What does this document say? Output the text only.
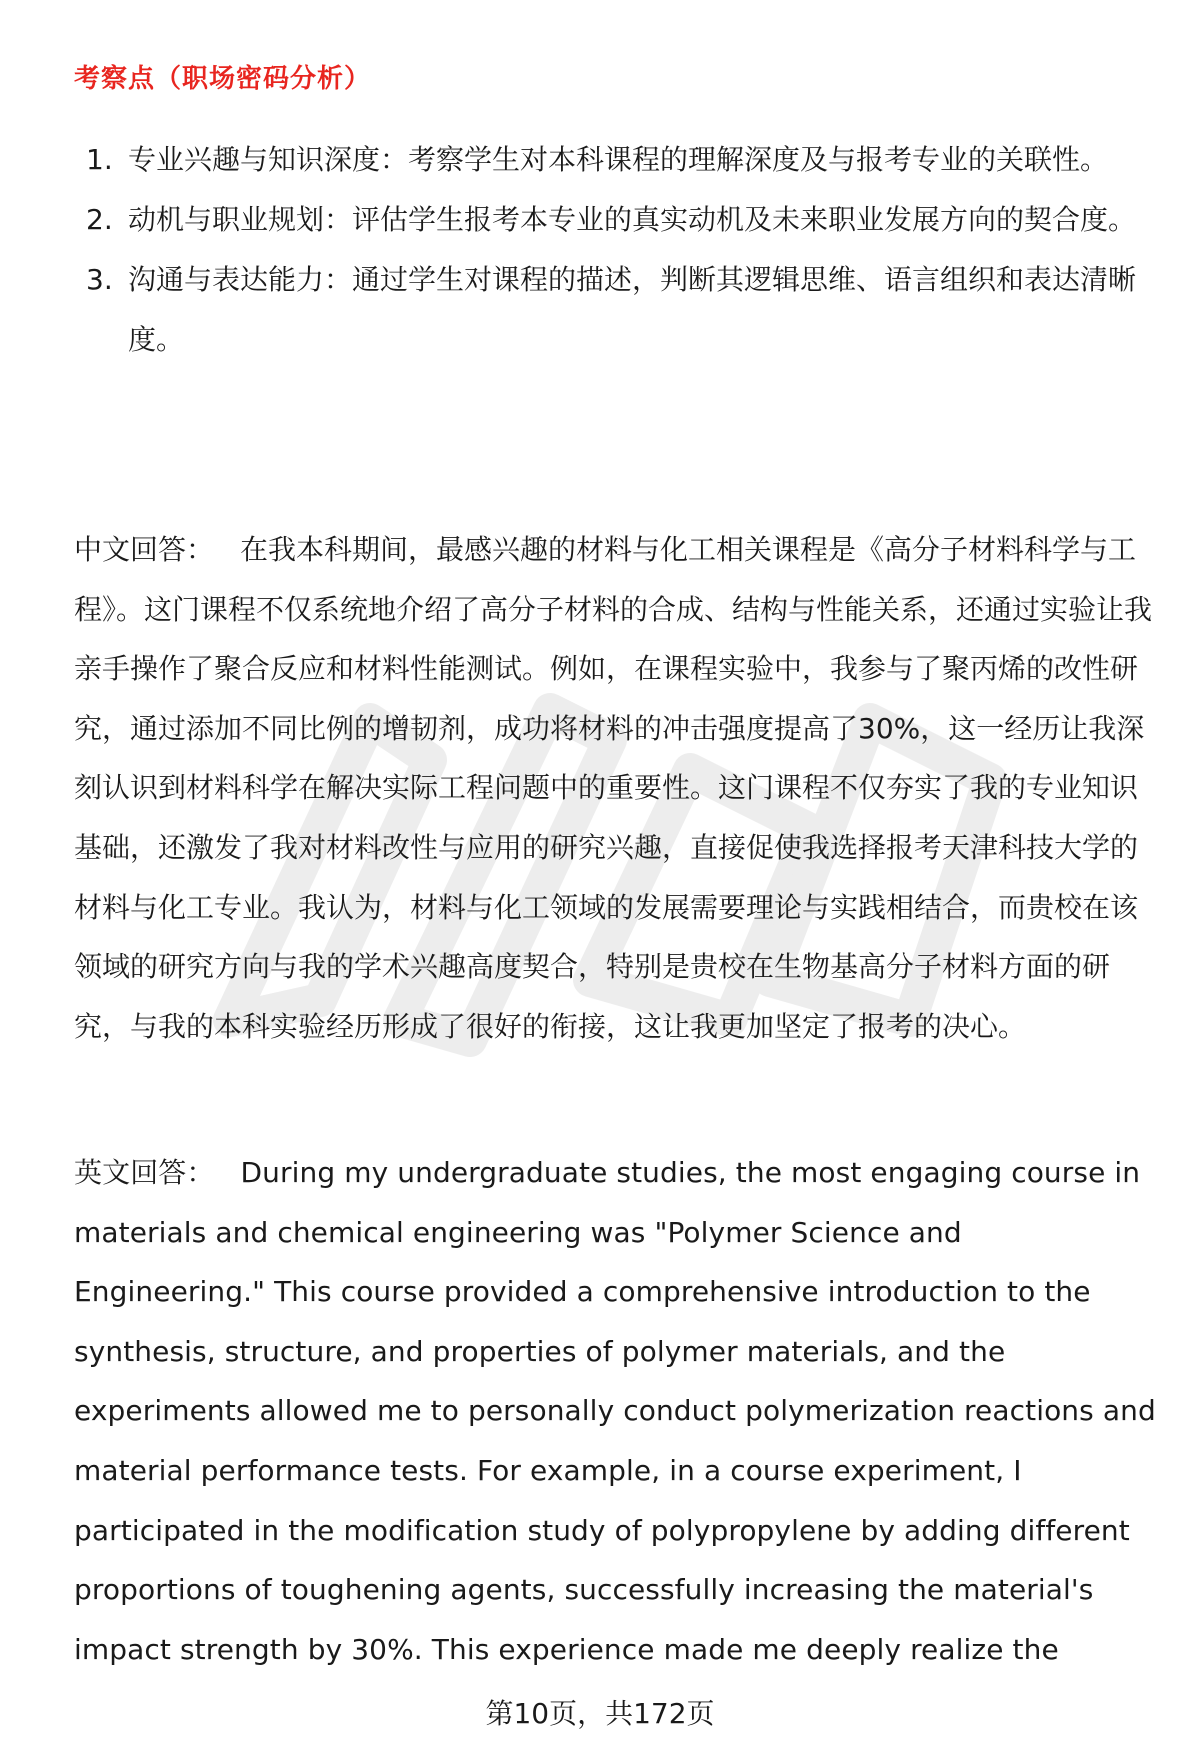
考察点（职场密码分析）
1. 专业兴趣与知识深度：考察学生对本科课程的理解深度及与报考专业的关联性。
2. 动机与职业规划：评估学生报考本专业的真实动机及未来职业发展方向的契合度。
3. 沟通与表达能力：通过学生对课程的描述，判断其逻辑思维、语言组织和表达清晰度。

中文回答： 在我本科期间，最感兴趣的材料与化工相关课程是《高分子材料科学与工程》。这门课程不仅系统地介绍了高分子材料的合成、结构与性能关系，还通过实验让我亲手操作了聚合反应和材料性能测试。例如，在课程实验中，我参与了聚丙烯的改性研究，通过添加不同比例的增韧剂，成功将材料的冲击强度提高了30%，这一经历让我深刻认识到材料科学在解决实际工程问题中的重要性。这门课程不仅夯实了我的专业知识基础，还激发了我对材料改性与应用的研究兴趣，直接促使我选择报考天津科技大学的材料与化工专业。我认为，材料与化工领域的发展需要理论与实践相结合，而贵校在该领域的研究方向与我的学术兴趣高度契合，特别是贵校在生物基高分子材料方面的研究，与我的本科实验经历形成了很好的衔接，这让我更加坚定了报考的决心。

英文回答： During my undergraduate studies, the most engaging course in materials and chemical engineering was "Polymer Science and Engineering." This course provided a comprehensive introduction to the synthesis, structure, and properties of polymer materials, and the experiments allowed me to personally conduct polymerization reactions and material performance tests. For example, in a course experiment, I participated in the modification study of polypropylene by adding different proportions of toughening agents, successfully increasing the material's impact strength by 30%. This experience made me deeply realize the

第10页，共172页
